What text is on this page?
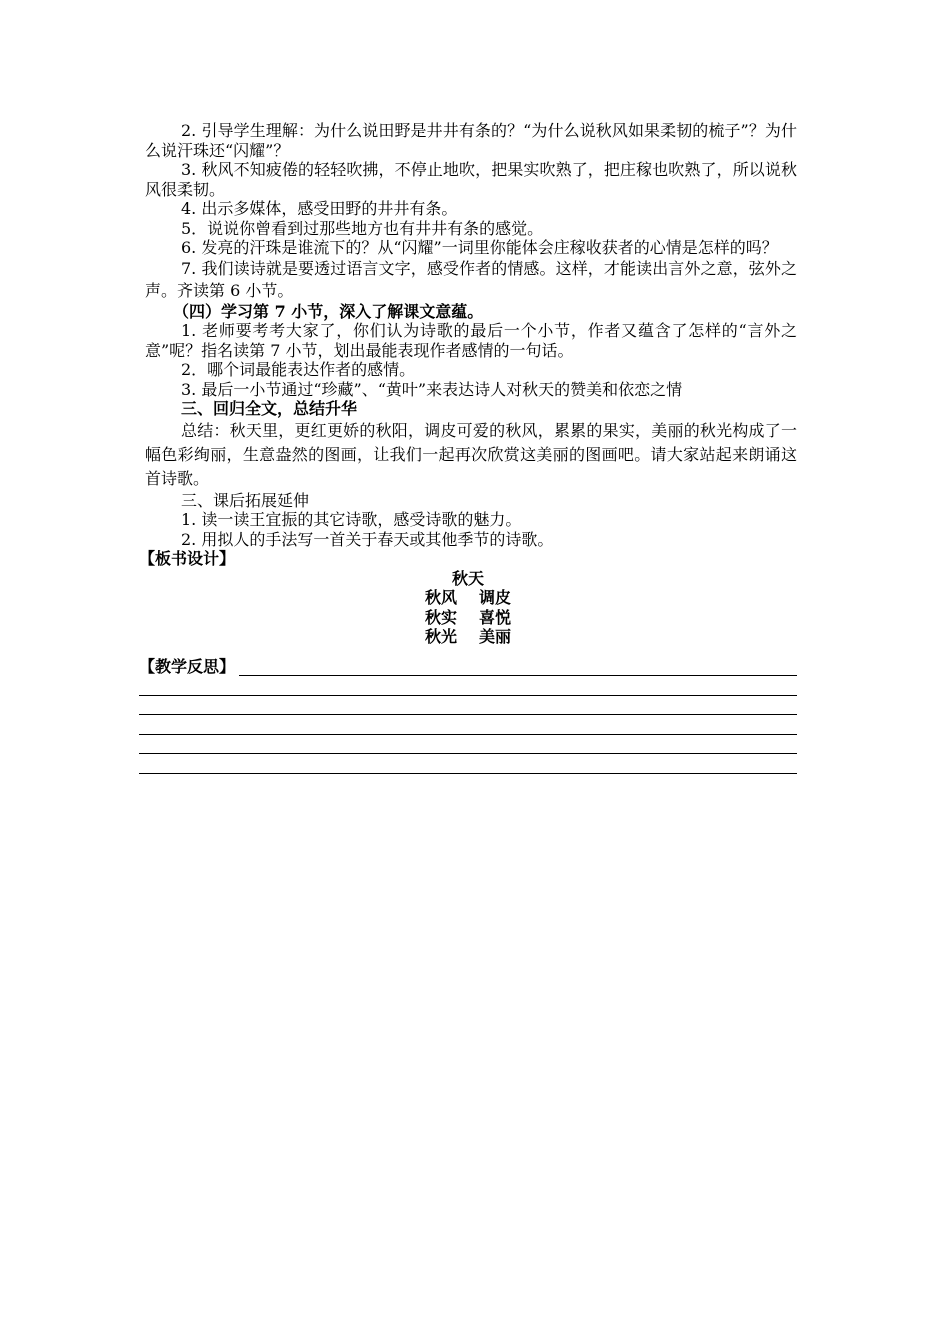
2. 引导学生理解：为什么说田野是井井有条的？“为什么说秋风如果柔韧的梳子”？为什么说汗珠还“闪耀”？

3. 秋风不知疲倦的轻轻吹拂，不停止地吹，把果实吹熟了，把庄稼也吹熟了，所以说秋风很柔韧。

4. 出示多媒体，感受田野的井井有条。

5．说说你曾看到过那些地方也有井井有条的感觉。

6. 发亮的汗珠是谁流下的？从“闪耀”一词里你能体会庄稼收获者的心情是怎样的吗？

7. 我们读诗就是要透过语言文字，感受作者的情感。这样，才能读出言外之意，弦外之声。齐读第 6 小节。

（四）学习第 7 小节，深入了解课文意蕴。

1. 老师要考考大家了，你们认为诗歌的最后一个小节，作者又蕴含了怎样的“言外之意”呢？指名读第 7 小节，划出最能表现作者感情的一句话。

2．哪个词最能表达作者的感情。

3. 最后一小节通过“珍藏”、“黄叶”来表达诗人对秋天的赞美和依恋之情

三、回归全文，总结升华

总结：秋天里，更红更娇的秋阳，调皮可爱的秋风，累累的果实，美丽的秋光构成了一幅色彩绚丽，生意盎然的图画，让我们一起再次欣赏这美丽的图画吧。请大家站起来朗诵这首诗歌。

三、课后拓展延伸

1. 读一读王宜振的其它诗歌，感受诗歌的魅力。

2. 用拟人的手法写一首关于春天或其他季节的诗歌。

【板书设计】

秋天
秋风 调皮
秋实 喜悦
秋光 美丽
【教学反思】
